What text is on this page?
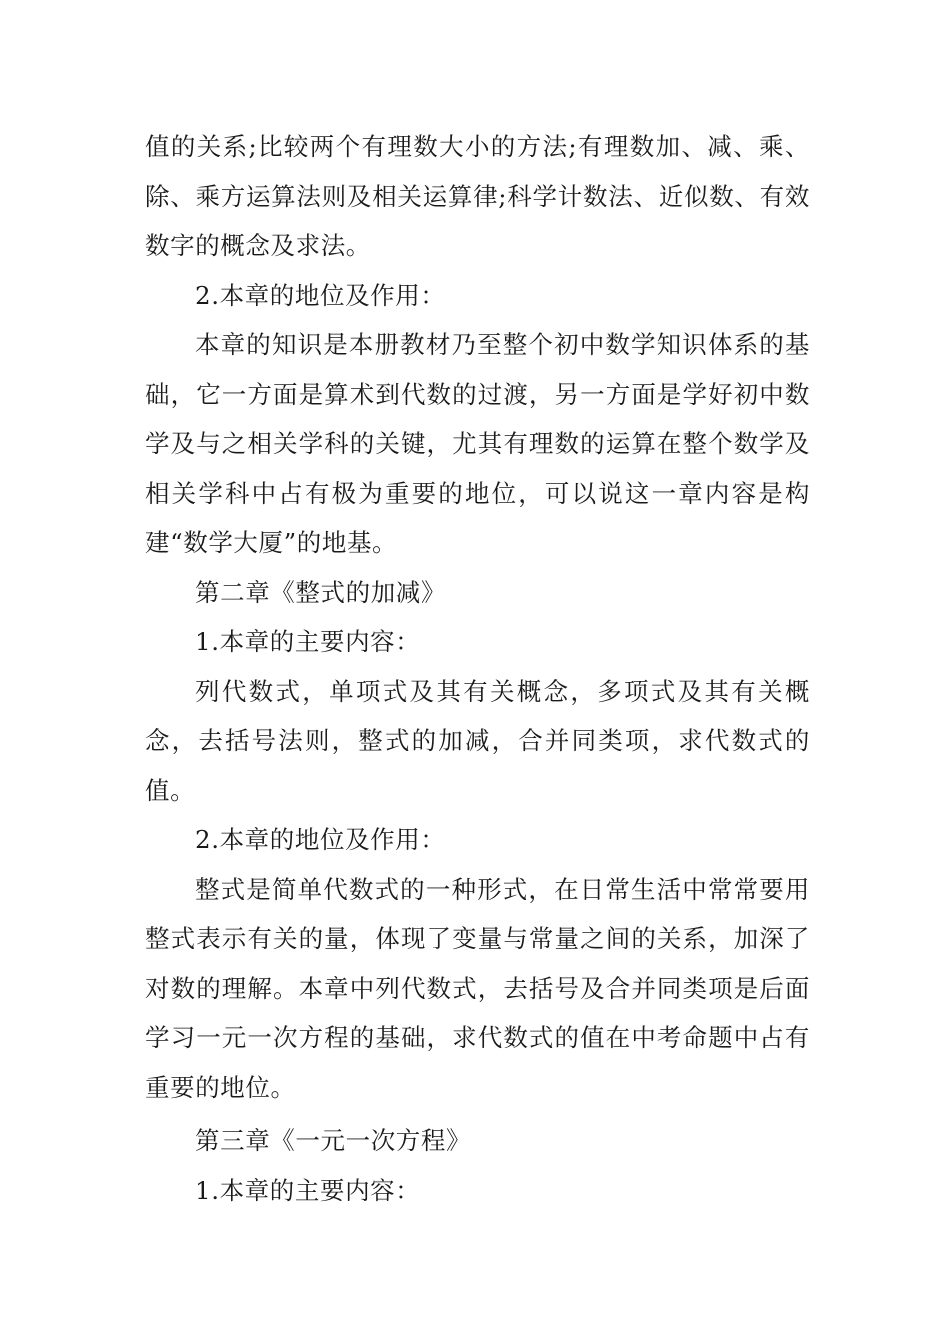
值的关系;比较两个有理数大小的方法;有理数加、减、乘、除、乘方运算法则及相关运算律;科学计数法、近似数、有效数字的概念及求法。

2.本章的地位及作用：

本章的知识是本册教材乃至整个初中数学知识体系的基础，它一方面是算术到代数的过渡，另一方面是学好初中数学及与之相关学科的关键，尤其有理数的运算在整个数学及相关学科中占有极为重要的地位，可以说这一章内容是构建“数学大厦”的地基。

第二章《整式的加减》

1.本章的主要内容：

列代数式，单项式及其有关概念，多项式及其有关概念，去括号法则，整式的加减，合并同类项，求代数式的值。

2.本章的地位及作用：

整式是简单代数式的一种形式，在日常生活中常常要用整式表示有关的量，体现了变量与常量之间的关系，加深了对数的理解。本章中列代数式，去括号及合并同类项是后面学习一元一次方程的基础，求代数式的值在中考命题中占有重要的地位。

第三章《一元一次方程》

1.本章的主要内容：
